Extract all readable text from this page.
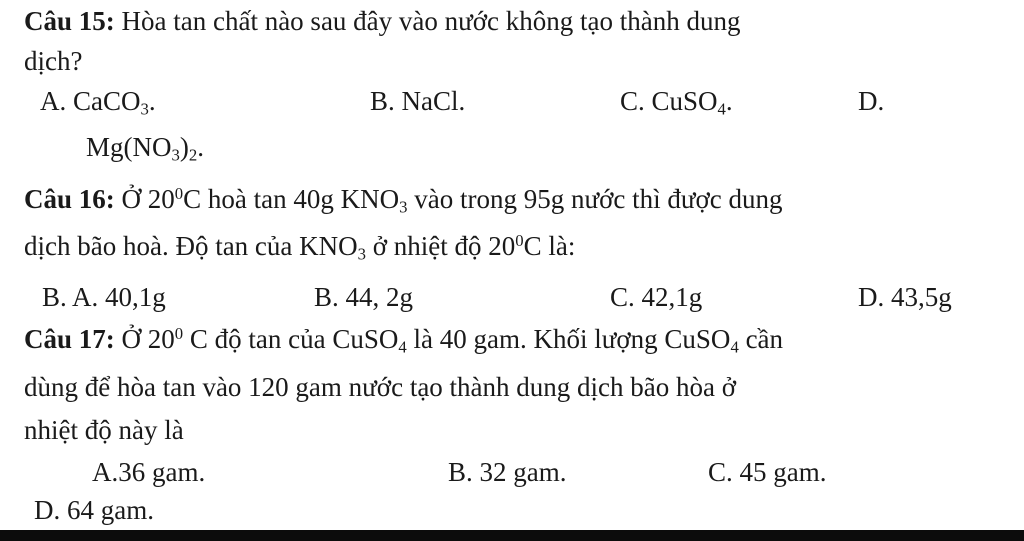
Câu 15: Hòa tan chất nào sau đây vào nước không tạo thành dung
dịch?
A. CaCO$_3$.	B. NaCl.	C. CuSO$_4$.	D.
$Mg(NO_3)_2$.
Câu 16: Ở $20^0C$ hoà tan 40g $KNO_3$ vào trong 95g nước thì được dung
dịch bão hoà. Độ tan của $KNO_3$ ở nhiệt độ $20^0C$ là:
B. A. 40,1g	B. 44, 2g	C. 42,1g	D. 43,5g
Câu 17: Ở $20^0$ C độ tan của CuSO$_4$ là 40 gam. Khối lượng CuSO$_4$ cần
dùng để hòa tan vào 120 gam nước tạo thành dung dịch bão hòa ở
nhiệt độ này là
A.36 gam.	B. 32 gam.	C. 45 gam.
D. 64 gam.
